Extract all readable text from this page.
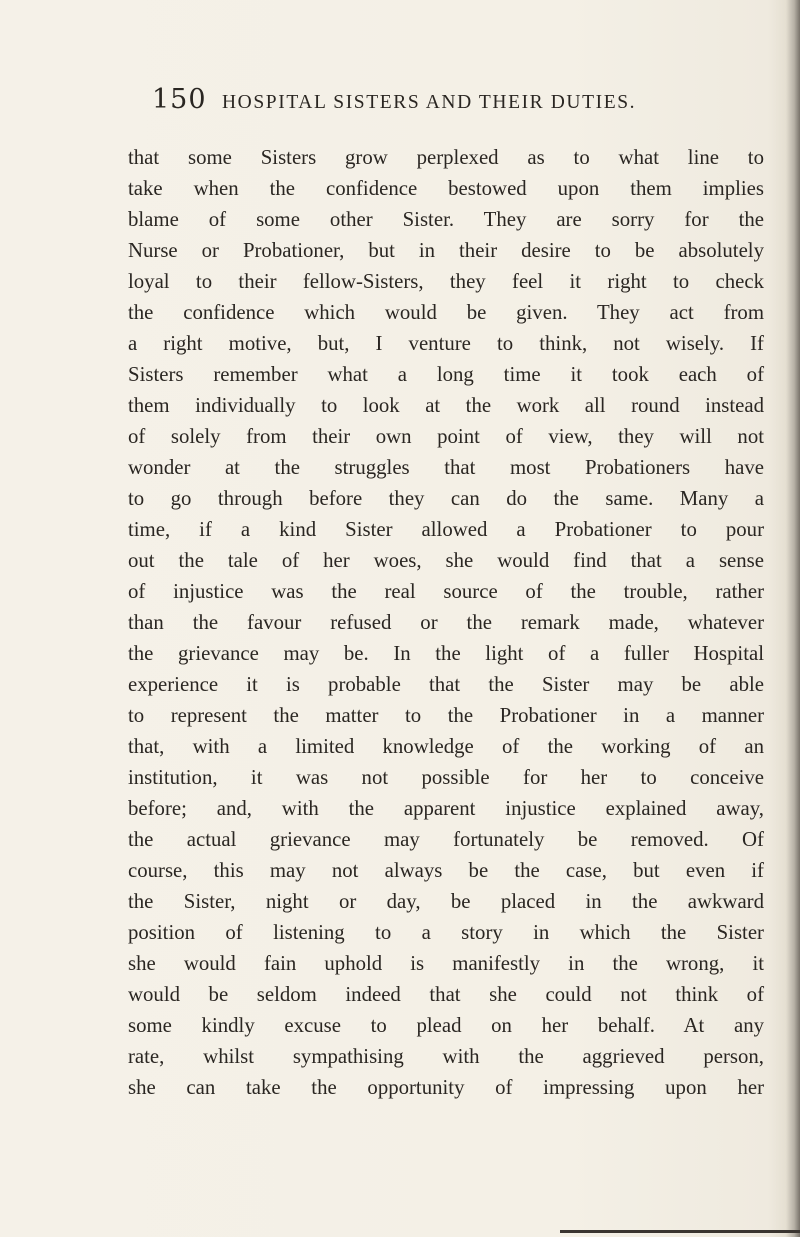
150 HOSPITAL SISTERS AND THEIR DUTIES.
that some Sisters grow perplexed as to what line to
take when the confidence bestowed upon them implies
blame of some other Sister. They are sorry for the
Nurse or Probationer, but in their desire to be absolutely
loyal to their fellow-Sisters, they feel it right to check
the confidence which would be given. They act from
a right motive, but, I venture to think, not wisely. If
Sisters remember what a long time it took each of
them individually to look at the work all round instead
of solely from their own point of view, they will not
wonder at the struggles that most Probationers have
to go through before they can do the same. Many a
time, if a kind Sister allowed a Probationer to pour
out the tale of her woes, she would find that a sense
of injustice was the real source of the trouble, rather
than the favour refused or the remark made, whatever
the grievance may be. In the light of a fuller Hospital
experience it is probable that the Sister may be able
to represent the matter to the Probationer in a manner
that, with a limited knowledge of the working of an
institution, it was not possible for her to conceive
before; and, with the apparent injustice explained away,
the actual grievance may fortunately be removed. Of
course, this may not always be the case, but even if
the Sister, night or day, be placed in the awkward
position of listening to a story in which the Sister
she would fain uphold is manifestly in the wrong, it
would be seldom indeed that she could not think of
some kindly excuse to plead on her behalf. At any
rate, whilst sympathising with the aggrieved person,
she can take the opportunity of impressing upon her
